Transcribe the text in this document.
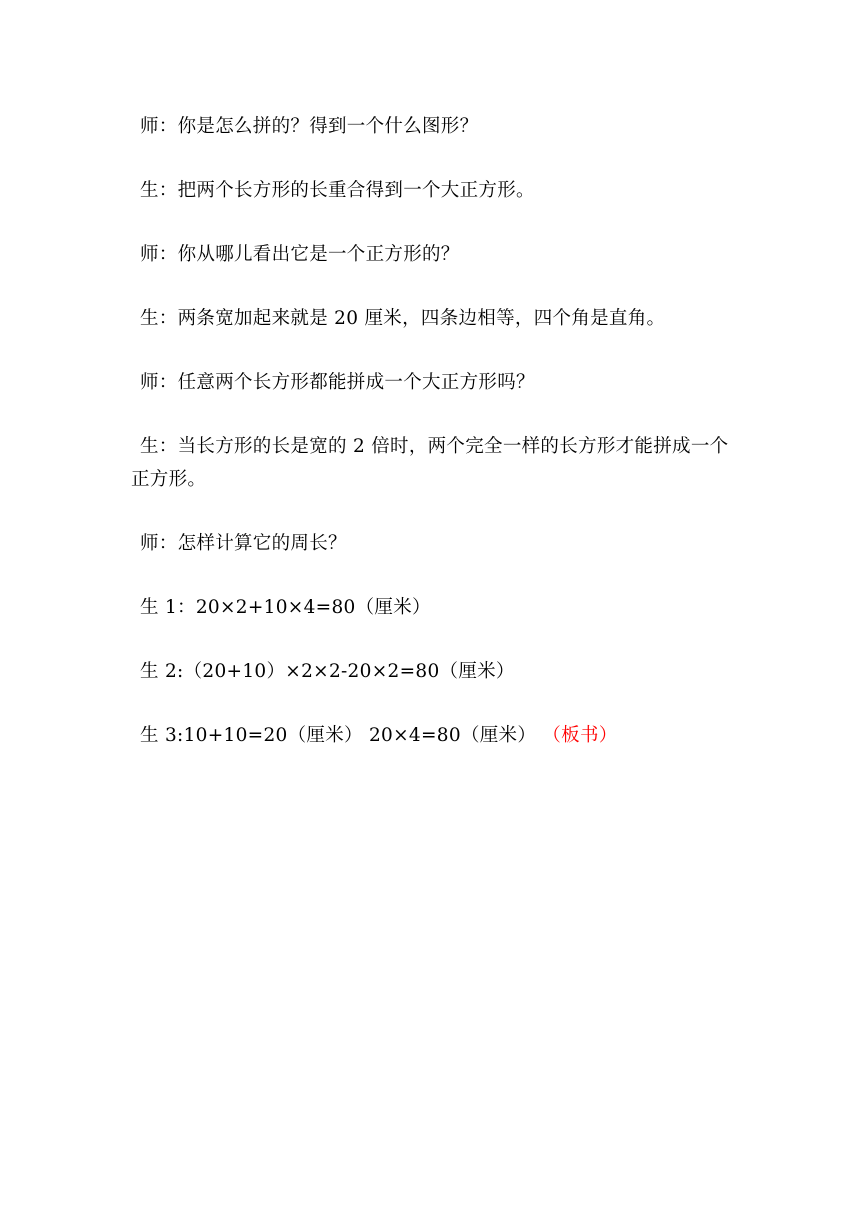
师：你是怎么拼的？得到一个什么图形？

生：把两个长方形的长重合得到一个大正方形。

师：你从哪儿看出它是一个正方形的？

生：两条宽加起来就是 20 厘米，四条边相等，四个角是直角。

师：任意两个长方形都能拼成一个大正方形吗？

生：当长方形的长是宽的 2 倍时，两个完全一样的长方形才能拼成一个正方形。

师：怎样计算它的周长？

生 1：20×2+10×4=80（厘米）

生 2:（20+10）×2×2-20×2=80（厘米）

生 3:10+10=20（厘米） 20×4=80（厘米） （板书）
